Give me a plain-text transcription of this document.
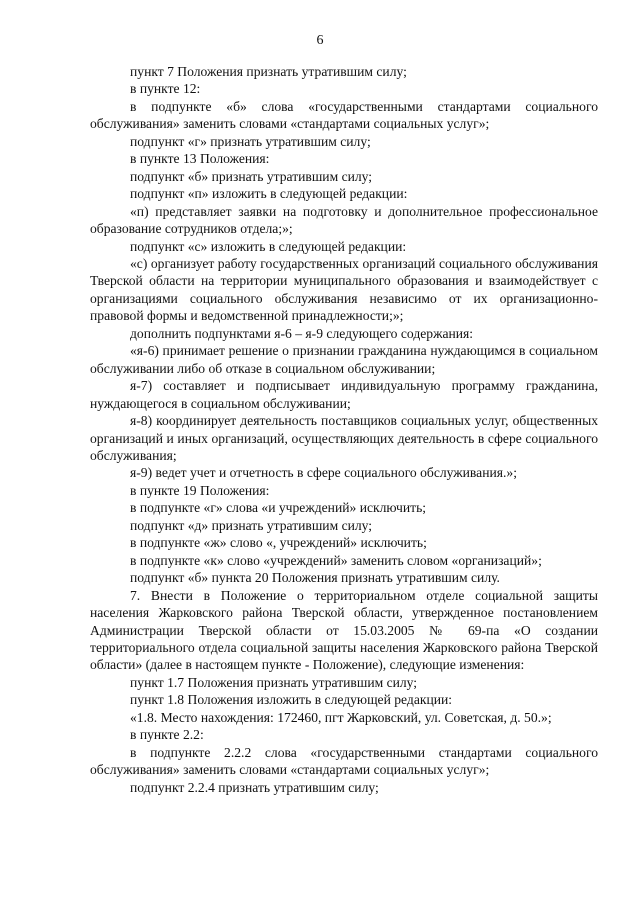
6

пункт 7 Положения признать утратившим силу;

в пункте 12:

в подпункте «б» слова «государственными стандартами социального обслуживания» заменить словами «стандартами социальных услуг»;

подпункт «г» признать утратившим силу;

в пункте 13 Положения:

подпункт «б» признать утратившим силу;

подпункт «п» изложить в следующей редакции:

«п) представляет заявки на подготовку и дополнительное профессиональное образование сотрудников отдела;»;

подпункт «с» изложить в следующей редакции:

«с) организует работу государственных организаций социального обслуживания Тверской области на территории муниципального образования и взаимодействует с организациями социального обслуживания независимо от их организационно-правовой формы и ведомственной принадлежности;»;

дополнить подпунктами я-6 – я-9 следующего содержания:

«я-6) принимает решение о признании гражданина нуждающимся в социальном обслуживании либо об отказе в социальном обслуживании;

я-7) составляет и подписывает индивидуальную программу гражданина, нуждающегося в социальном обслуживании;

я-8) координирует деятельность поставщиков социальных услуг, общественных организаций и иных организаций, осуществляющих деятельность в сфере социального обслуживания;

я-9) ведет учет и отчетность в сфере социального обслуживания.»;

в пункте 19 Положения:

в подпункте «г» слова «и учреждений» исключить;

подпункт «д» признать утратившим силу;

в подпункте «ж» слово «, учреждений» исключить;

в подпункте «к» слово «учреждений» заменить словом «организаций»;

подпункт «б» пункта 20 Положения признать утратившим силу.

7. Внести в Положение о территориальном отделе социальной защиты населения Жарковского района Тверской области, утвержденное постановлением Администрации Тверской области от 15.03.2005 № 69-па «О создании территориального отдела социальной защиты населения Жарковского района Тверской области» (далее в настоящем пункте - Положение), следующие изменения:

пункт 1.7 Положения признать утратившим силу;

пункт 1.8 Положения изложить в следующей редакции:

«1.8. Место нахождения: 172460, пгт Жарковский, ул. Советская, д. 50.»;

в пункте 2.2:

в подпункте 2.2.2 слова «государственными стандартами социального обслуживания» заменить словами «стандартами социальных услуг»;

подпункт 2.2.4 признать утратившим силу;
